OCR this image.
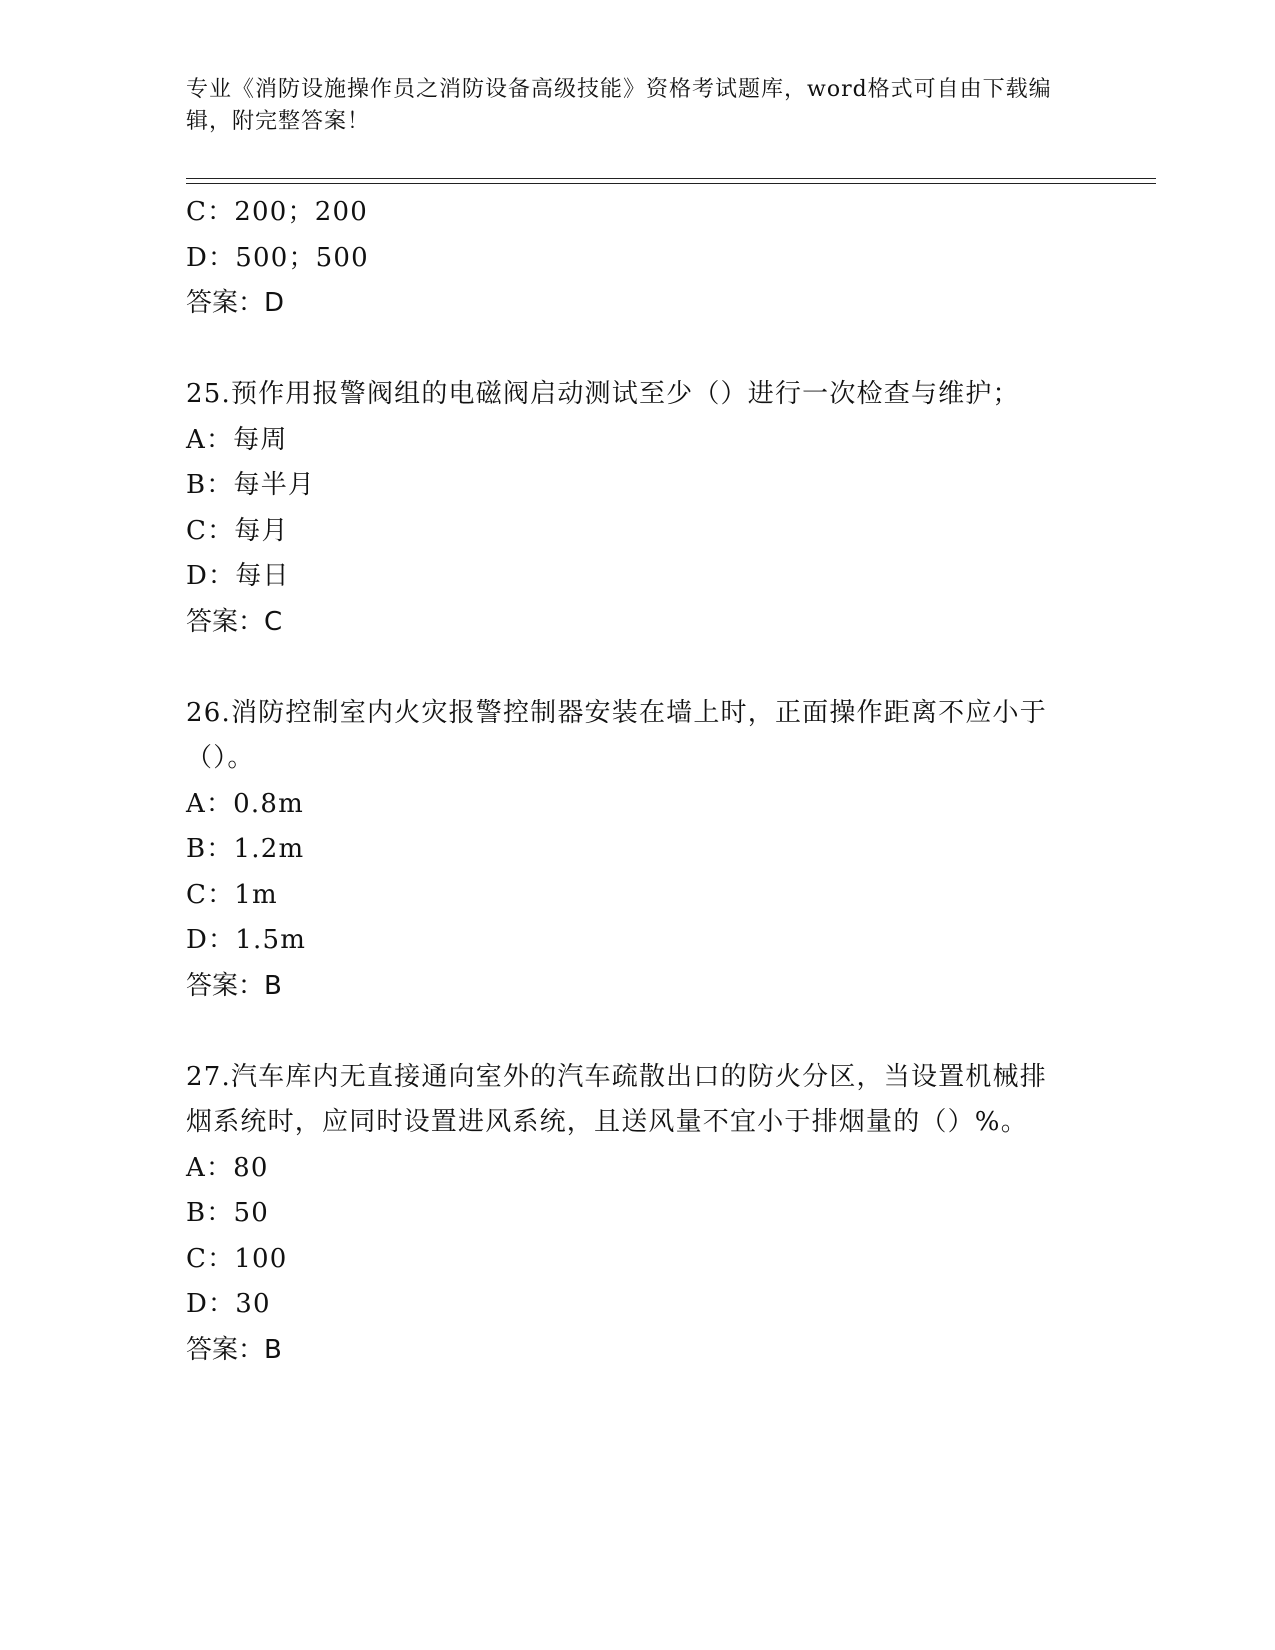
专业《消防设施操作员之消防设备高级技能》资格考试题库，word格式可自由下载编辑，附完整答案！
C：200；200
D：500；500
答案：D
25.预作用报警阀组的电磁阀启动测试至少（）进行一次检查与维护；
A：每周
B：每半月
C：每月
D：每日
答案：C
26.消防控制室内火灾报警控制器安装在墙上时，正面操作距离不应小于（）。
A：0.8m
B：1.2m
C：1m
D：1.5m
答案：B
27.汽车库内无直接通向室外的汽车疏散出口的防火分区，当设置机械排烟系统时，应同时设置进风系统，且送风量不宜小于排烟量的（）%。
A：80
B：50
C：100
D：30
答案：B
